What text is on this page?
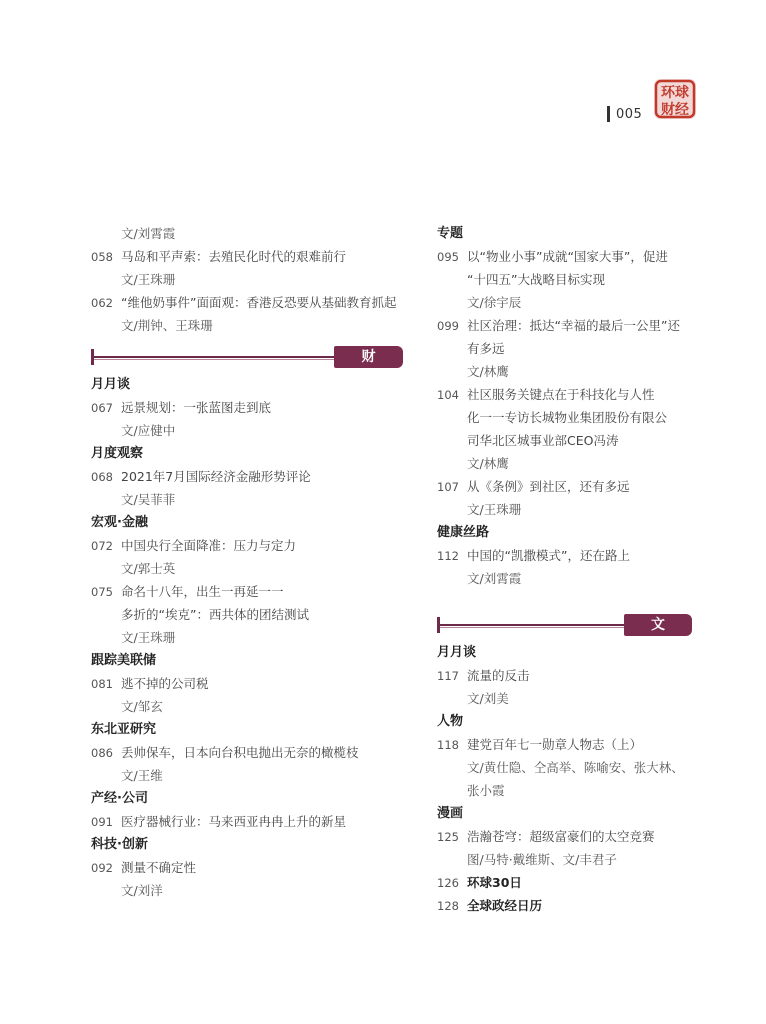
005
环球
财经
文/刘霄霞
058 马岛和平声索：去殖民化时代的艰难前行
文/王珠珊
062 “维他奶事件”面面观：香港反恐要从基础教育抓起
文/荆钟、王珠珊
财经
月月谈
067 远景规划：一张蓝图走到底
文/应健中
月度观察
068 2021年7月国际经济金融形势评论
文/吴菲菲
宏观·金融
072 中国央行全面降准：压力与定力
文/郭士英
075 命名十八年，出生一再延一一
多折的“埃克”：西共体的团结测试
文/王珠珊
跟踪美联储
081 逃不掉的公司税
文/邹玄
东北亚研究
086 丢帅保车，日本向台积电抛出无奈的橄榄枝
文/王维
产经·公司
091 医疗器械行业：马来西亚冉冉上升的新星
科技·创新
092 测量不确定性
文/刘洋
专题
095 以“物业小事”成就“国家大事”，促进
“十四五”大战略目标实现
文/徐宇辰
099 社区治理：抵达“幸福的最后一公里”还
有多远
文/林鹰
104 社区服务关键点在于科技化与人性
化一一专访长城物业集团股份有限公
司华北区城事业部CEO冯涛
文/林鹰
107 从《条例》到社区，还有多远
文/王珠珊
健康丝路
112 中国的“凯撒模式”，还在路上
文/刘霄霞
文化
月月谈
117 流量的反击
文/刘美
人物
118 建党百年七一勋章人物志（上）
文/黄仕隐、仝高举、陈喻安、张大林、
张小霞
漫画
125 浩瀚苍穹：超级富豪们的太空竞赛
图/马特·戴维斯、文/丰君子
126 环球30日
128 全球政经日历
